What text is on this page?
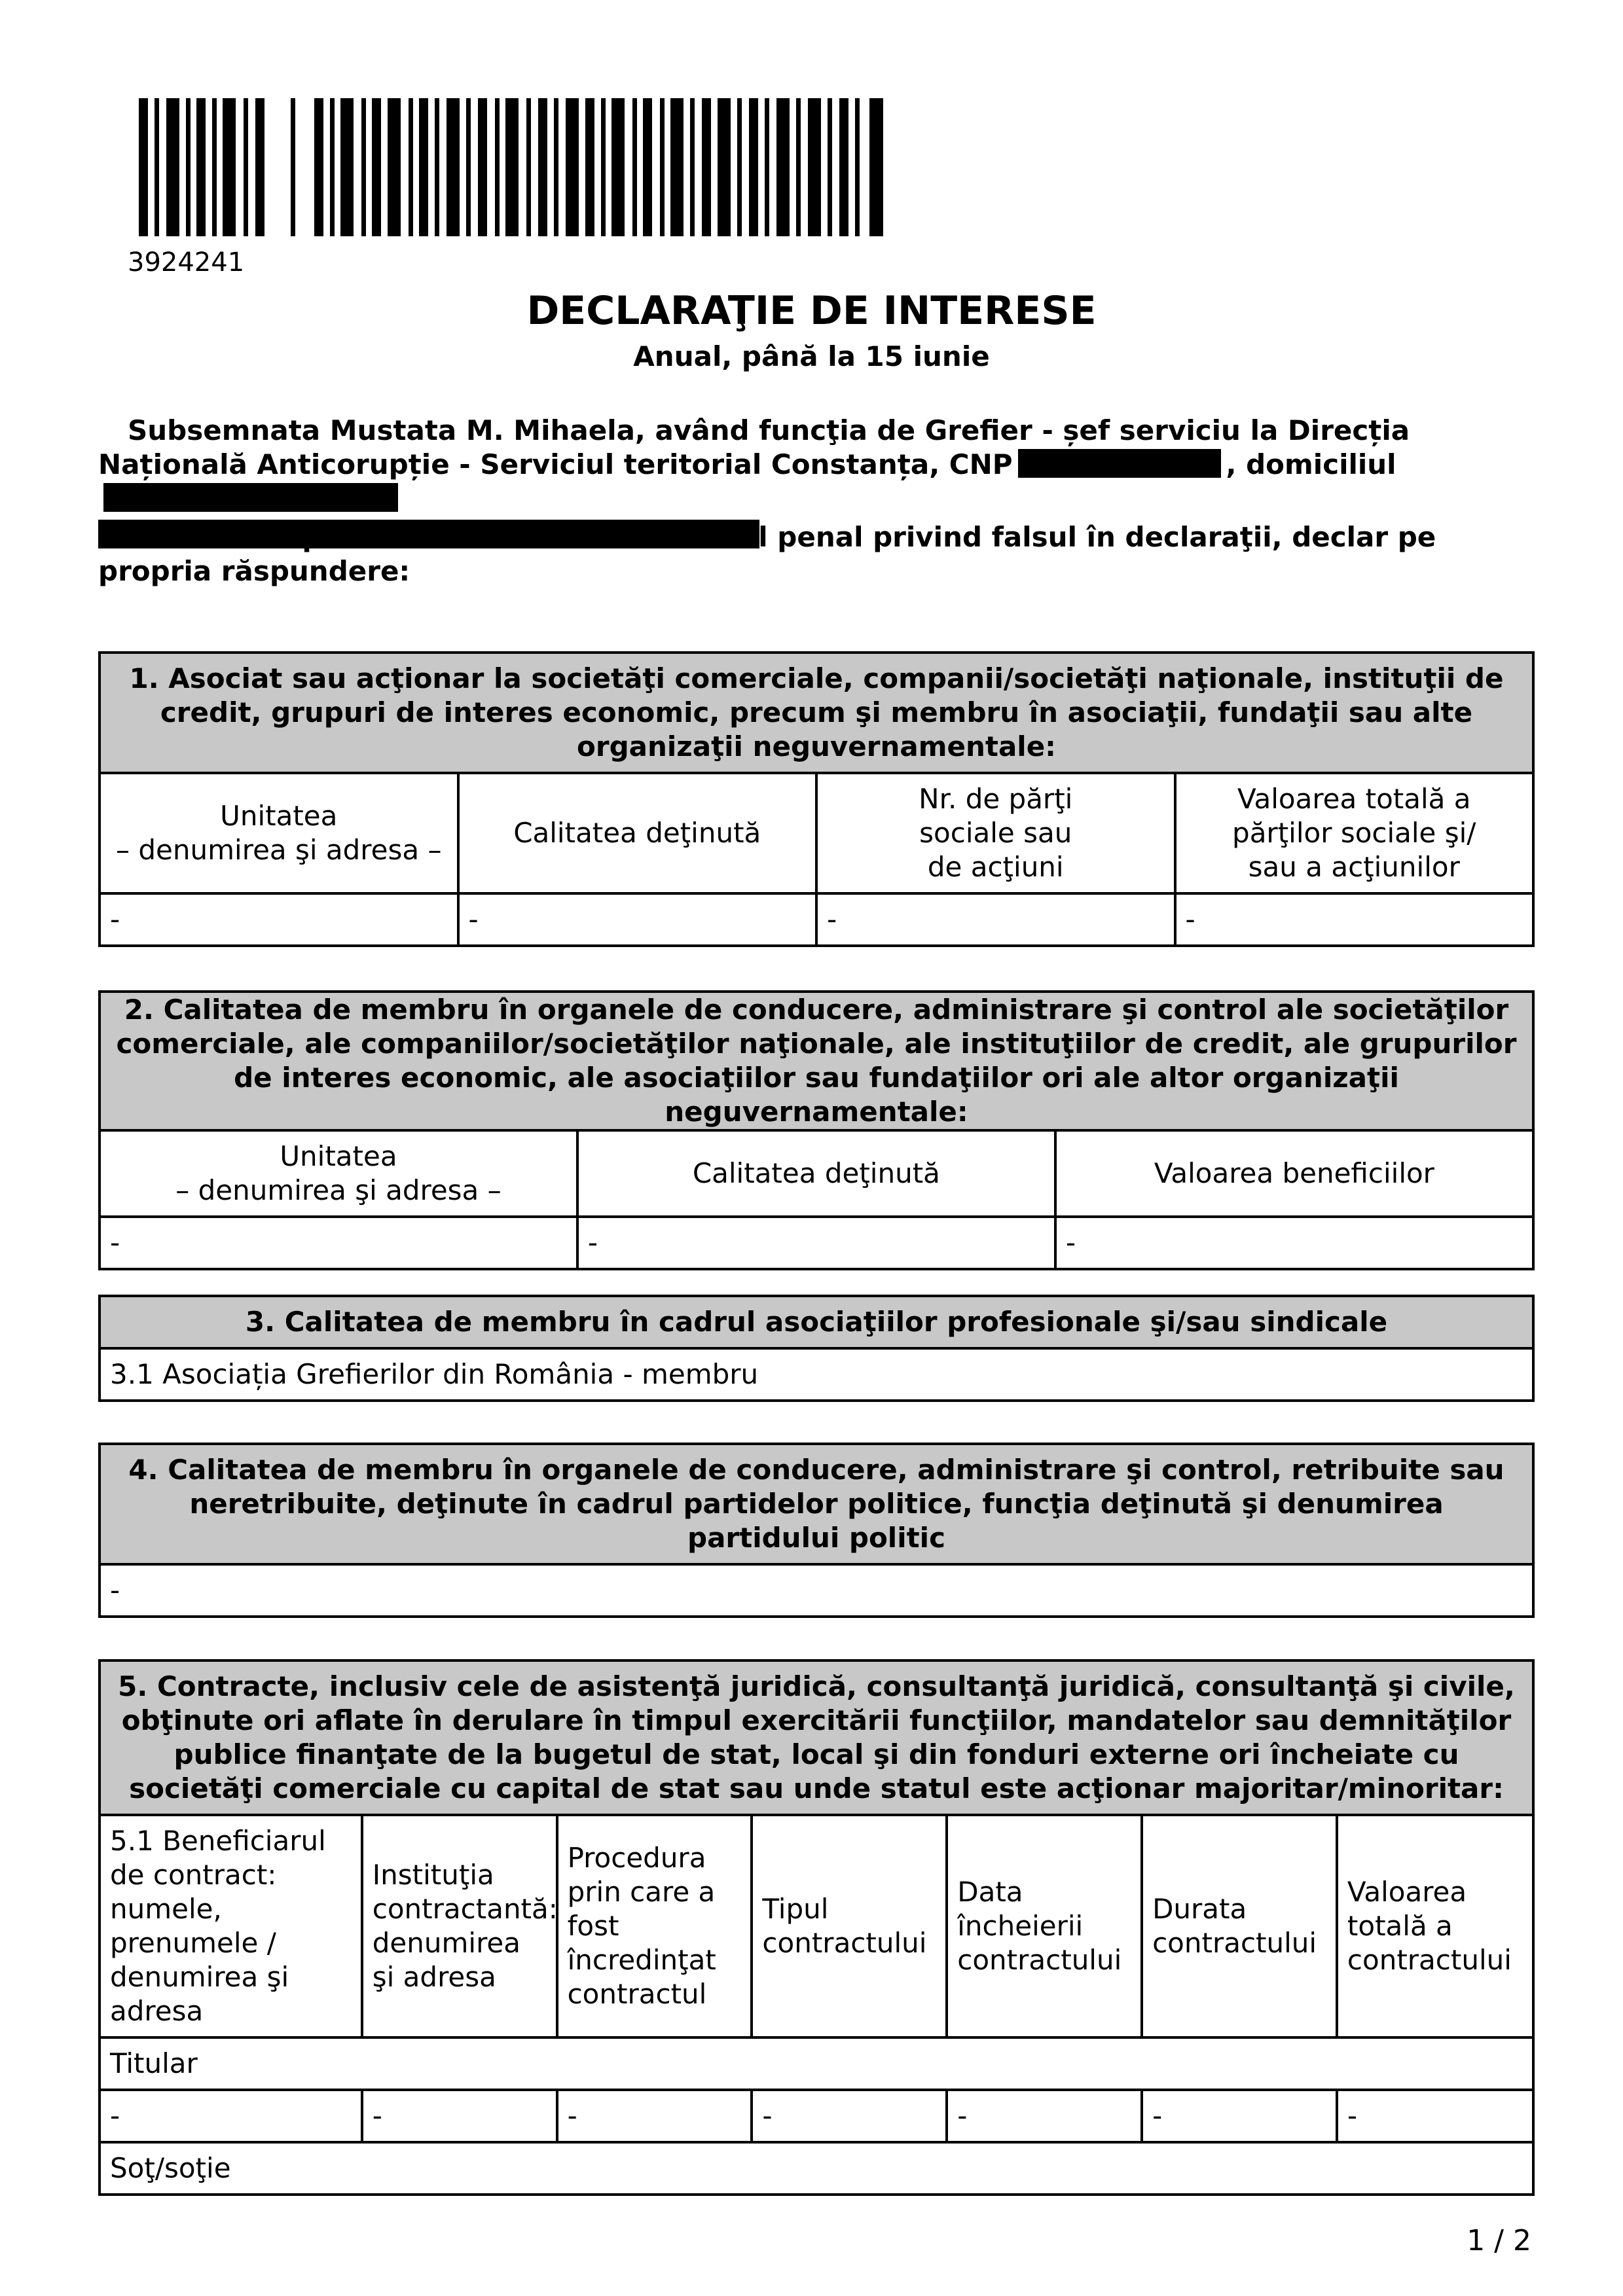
3924241
DECLARAŢIE DE INTERESE
Anual, până la 15 iunie
Subsemnata Mustata M. Mihaela, având funcţia de Grefier - șef serviciu la Direcția Națională Anticorupție - Serviciul teritorial Constanța, CNP	, domiciliul
cunoscând prevederile art. 292 din Codul penal privind falsul în declaraţii, declar pe propria răspundere:
1. Asociat sau acţionar la societăţi comerciale, companii/societăţi naţionale, instituţii de credit, grupuri de interes economic, precum şi membru în asociaţii, fundaţii sau alte organizaţii neguvernamentale:			
Unitatea
– denumirea şi adresa –	Calitatea deţinută	Nr. de părţi
sociale sau
de acţiuni	Valoarea totală a
părţilor sociale şi/
sau a acţiunilor
-	-	-	-
2. Calitatea de membru în organele de conducere, administrare şi control ale societăţilor comerciale, ale companiilor/societăţilor naţionale, ale instituţiilor de credit, ale grupurilor de interes economic, ale asociaţiilor sau fundaţiilor ori ale altor organizaţii neguvernamentale:		
Unitatea
– denumirea şi adresa –	Calitatea deţinută	Valoarea beneficiilor
-	-	-
3. Calitatea de membru în cadrul asociaţiilor profesionale şi/sau sindicale
3.1 Asociația Grefierilor din România - membru
4. Calitatea de membru în organele de conducere, administrare şi control, retribuite sau neretribuite, deţinute în cadrul partidelor politice, funcţia deţinută şi denumirea partidului politic
-
5. Contracte, inclusiv cele de asistenţă juridică, consultanţă juridică, consultanţă şi civile, obţinute ori aflate în derulare în timpul exercitării funcţiilor, mandatelor sau demnităţilor publice finanţate de la bugetul de stat, local şi din fonduri externe ori încheiate cu societăţi comerciale cu capital de stat sau unde statul este acţionar majoritar/minoritar:						
5.1 Beneficiarul de contract: numele, prenumele / denumirea şi adresa	Instituţia contractantă: denumirea şi adresa	Procedura prin care a fost încredinţat contractul	Tipul contractului	Data încheierii contractului	Durata contractului	Valoarea totală a contractului
Titular						
-	-	-	-	-	-	-
Soţ/soţie						
1 / 2
